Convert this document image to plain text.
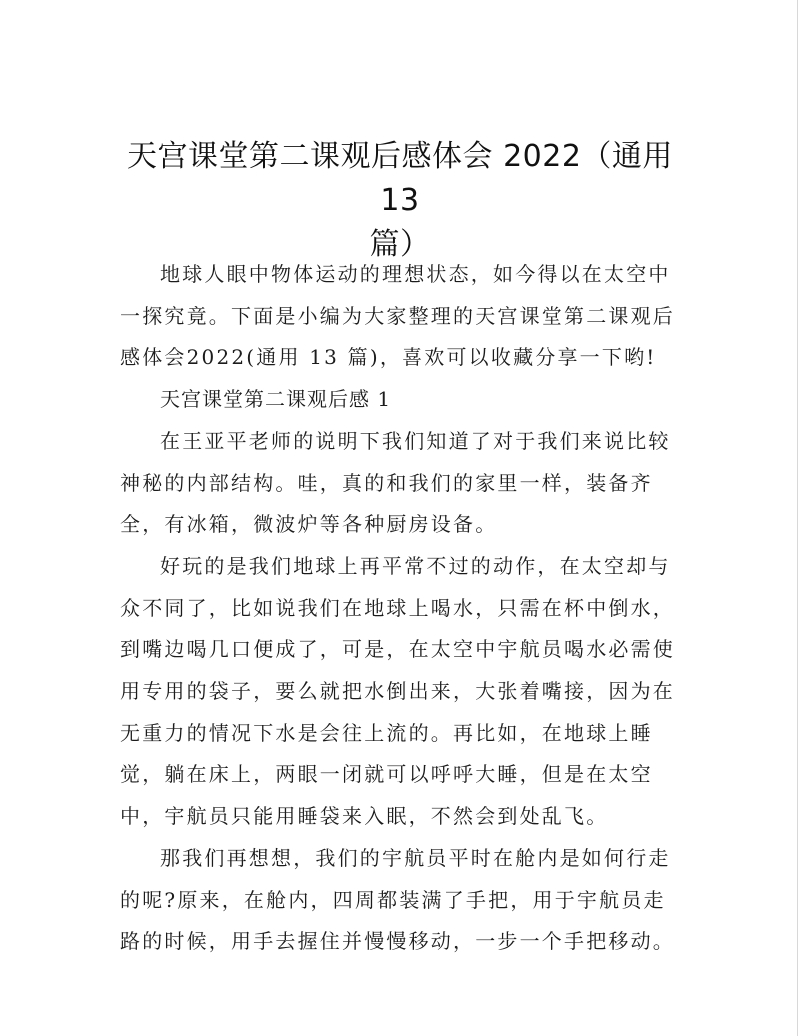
天宫课堂第二课观后感体会 2022（通用 13
篇）

地球人眼中物体运动的理想状态，如今得以在太空中一探究竟。下面是小编为大家整理的天宫课堂第二课观后感体会2022(通用 13 篇)，喜欢可以收藏分享一下哟!

天宫课堂第二课观后感 1

在王亚平老师的说明下我们知道了对于我们来说比较神秘的内部结构。哇，真的和我们的家里一样，装备齐全，有冰箱，微波炉等各种厨房设备。

好玩的是我们地球上再平常不过的动作，在太空却与众不同了，比如说我们在地球上喝水，只需在杯中倒水，到嘴边喝几口便成了，可是，在太空中宇航员喝水必需使用专用的袋子，要么就把水倒出来，大张着嘴接，因为在无重力的情况下水是会往上流的。再比如，在地球上睡觉，躺在床上，两眼一闭就可以呼呼大睡，但是在太空中，宇航员只能用睡袋来入眠，不然会到处乱飞。

那我们再想想，我们的宇航员平时在舱内是如何行走的呢?原来，在舱内，四周都装满了手把，用于宇航员走路的时候，用手去握住并慢慢移动，一步一个手把移动。
